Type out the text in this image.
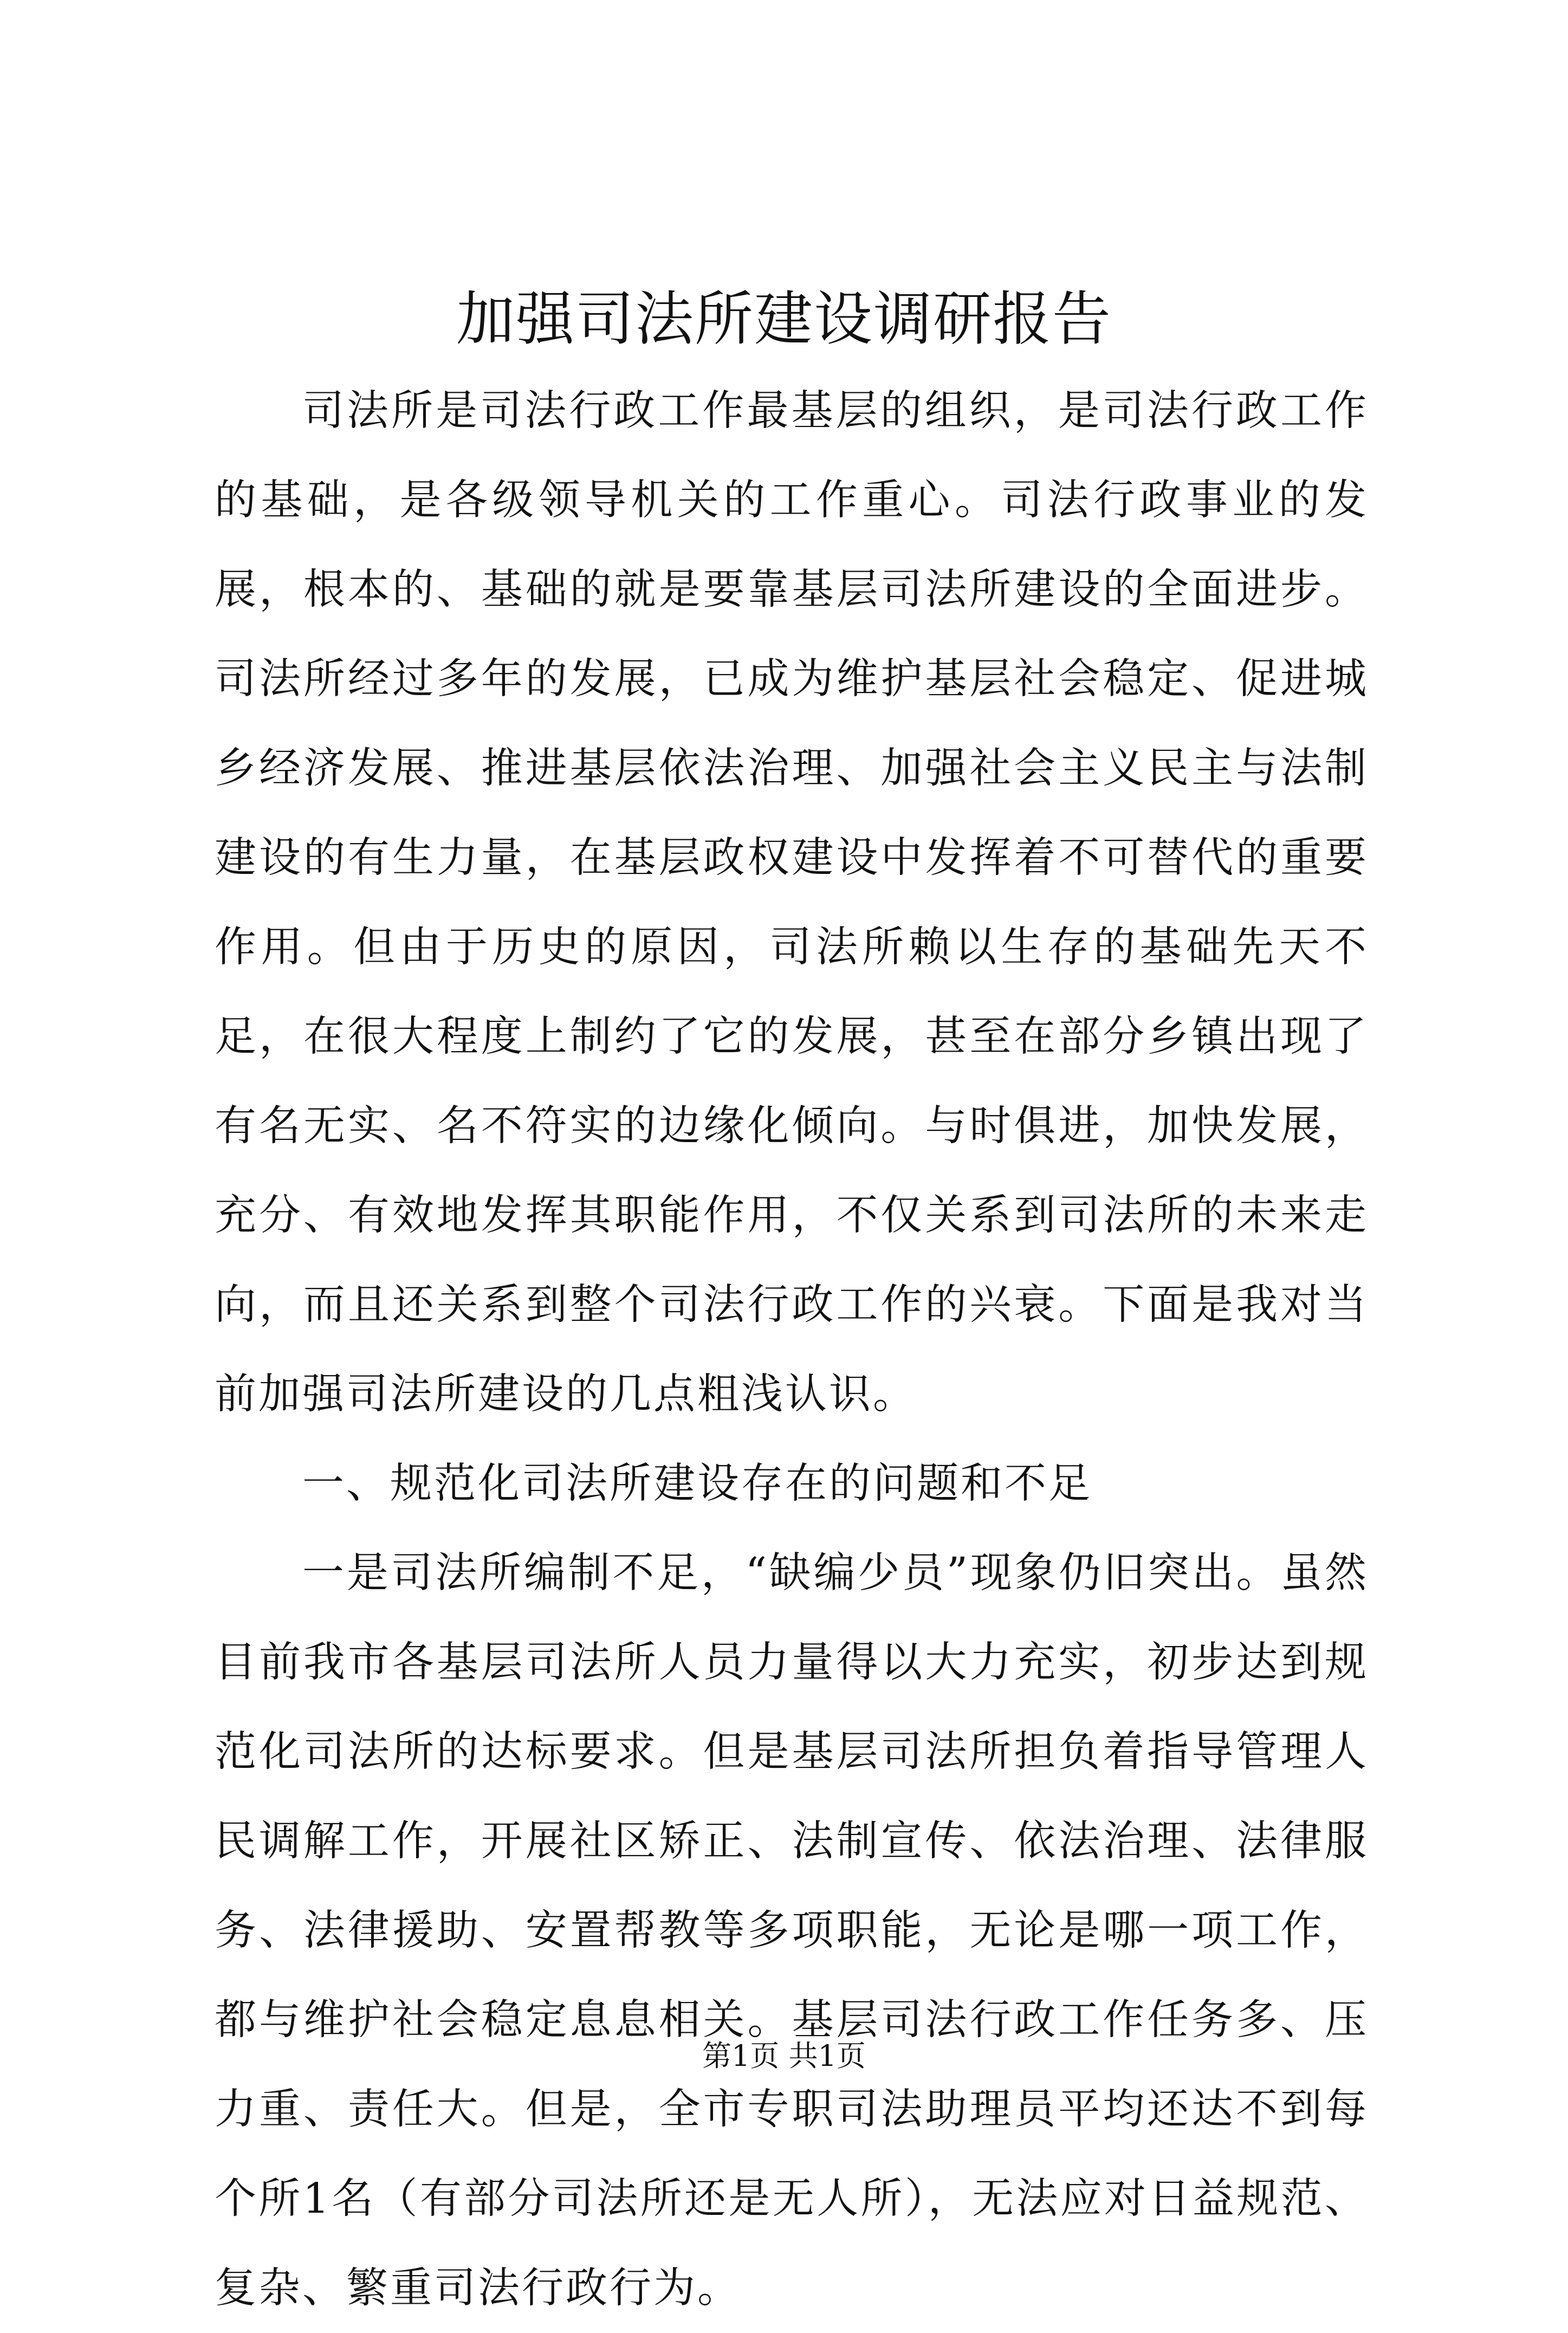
加强司法所建设调研报告

司法所是司法行政工作最基层的组织，是司法行政工作的基础，是各级领导机关的工作重心。司法行政事业的发展，根本的、基础的就是要靠基层司法所建设的全面进步。司法所经过多年的发展，已成为维护基层社会稳定、促进城乡经济发展、推进基层依法治理、加强社会主义民主与法制建设的有生力量，在基层政权建设中发挥着不可替代的重要作用。但由于历史的原因，司法所赖以生存的基础先天不足，在很大程度上制约了它的发展，甚至在部分乡镇出现了有名无实、名不符实的边缘化倾向。与时俱进，加快发展，充分、有效地发挥其职能作用，不仅关系到司法所的未来走向，而且还关系到整个司法行政工作的兴衰。下面是我对当前加强司法所建设的几点粗浅认识。

一、规范化司法所建设存在的问题和不足

一是司法所编制不足，“缺编少员”现象仍旧突出。虽然目前我市各基层司法所人员力量得以大力充实，初步达到规范化司法所的达标要求。但是基层司法所担负着指导管理人民调解工作，开展社区矫正、法制宣传、依法治理、法律服务、法律援助、安置帮教等多项职能，无论是哪一项工作，都与维护社会稳定息息相关。基层司法行政工作任务多、压力重、责任大。但是，全市专职司法助理员平均还达不到每个所1名（有部分司法所还是无人所），无法应对日益规范、复杂、繁重司法行政行为。

第1页 共1页
